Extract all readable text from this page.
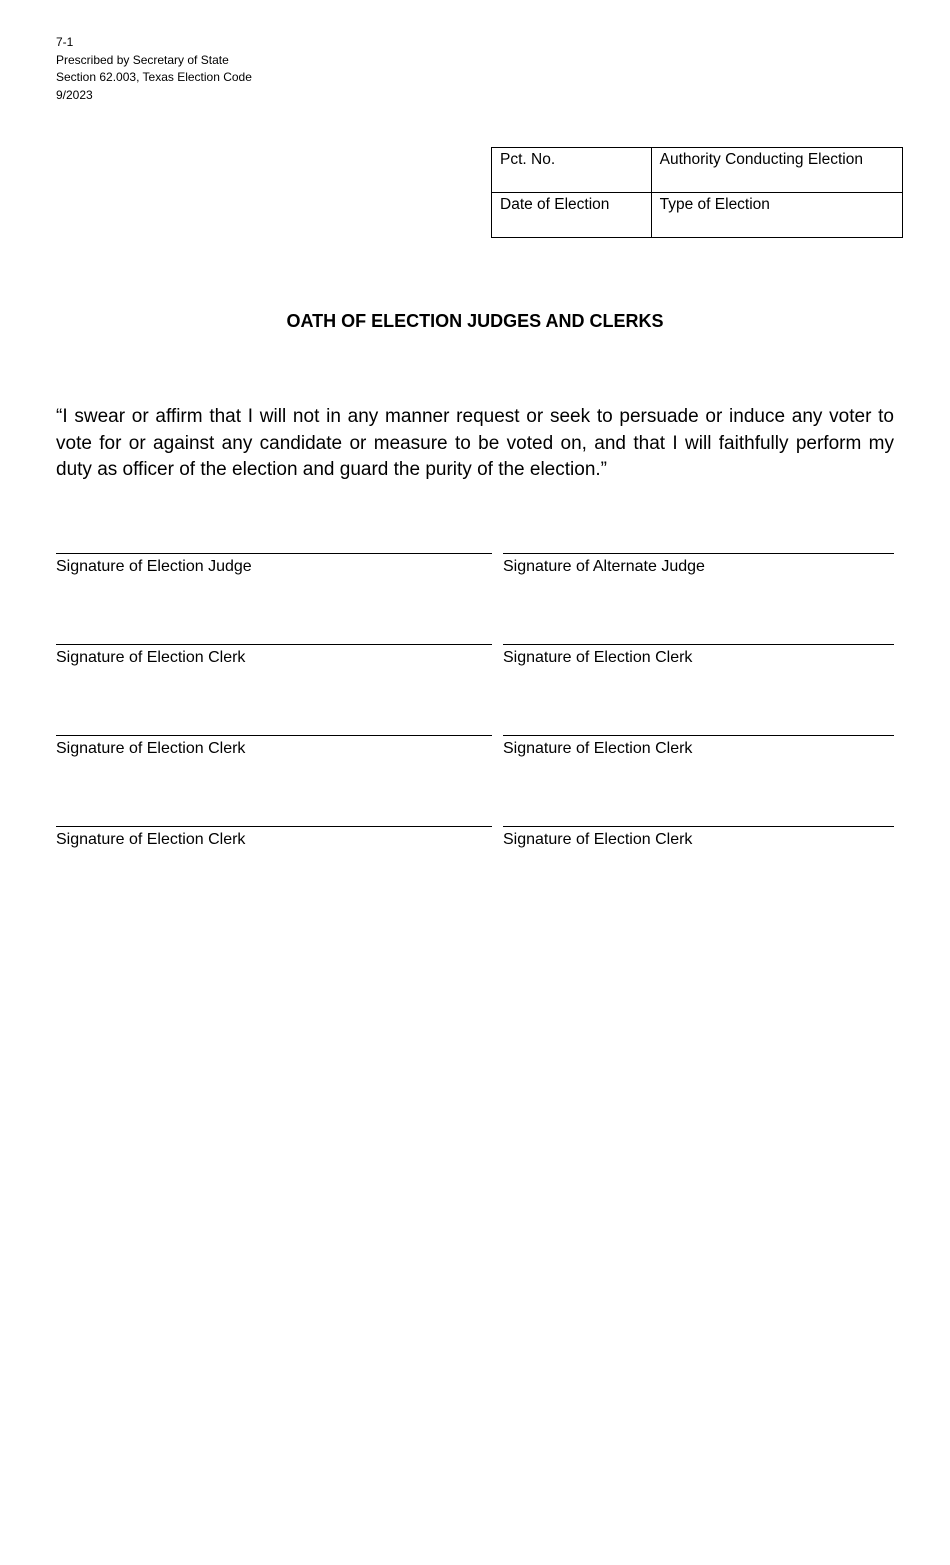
7-1
Prescribed by Secretary of State
Section 62.003, Texas Election Code
9/2023
Pct. No.	Authority Conducting Election
Date of Election	Type of Election
OATH OF ELECTION JUDGES AND CLERKS
“I swear or affirm that I will not in any manner request or seek to persuade or induce any voter to vote for or against any candidate or measure to be voted on, and that I will faithfully perform my duty as officer of the election and guard the purity of the election.”
Signature of Election Judge	Signature of Alternate Judge
Signature of Election Clerk	Signature of Election Clerk
Signature of Election Clerk	Signature of Election Clerk
Signature of Election Clerk	Signature of Election Clerk
